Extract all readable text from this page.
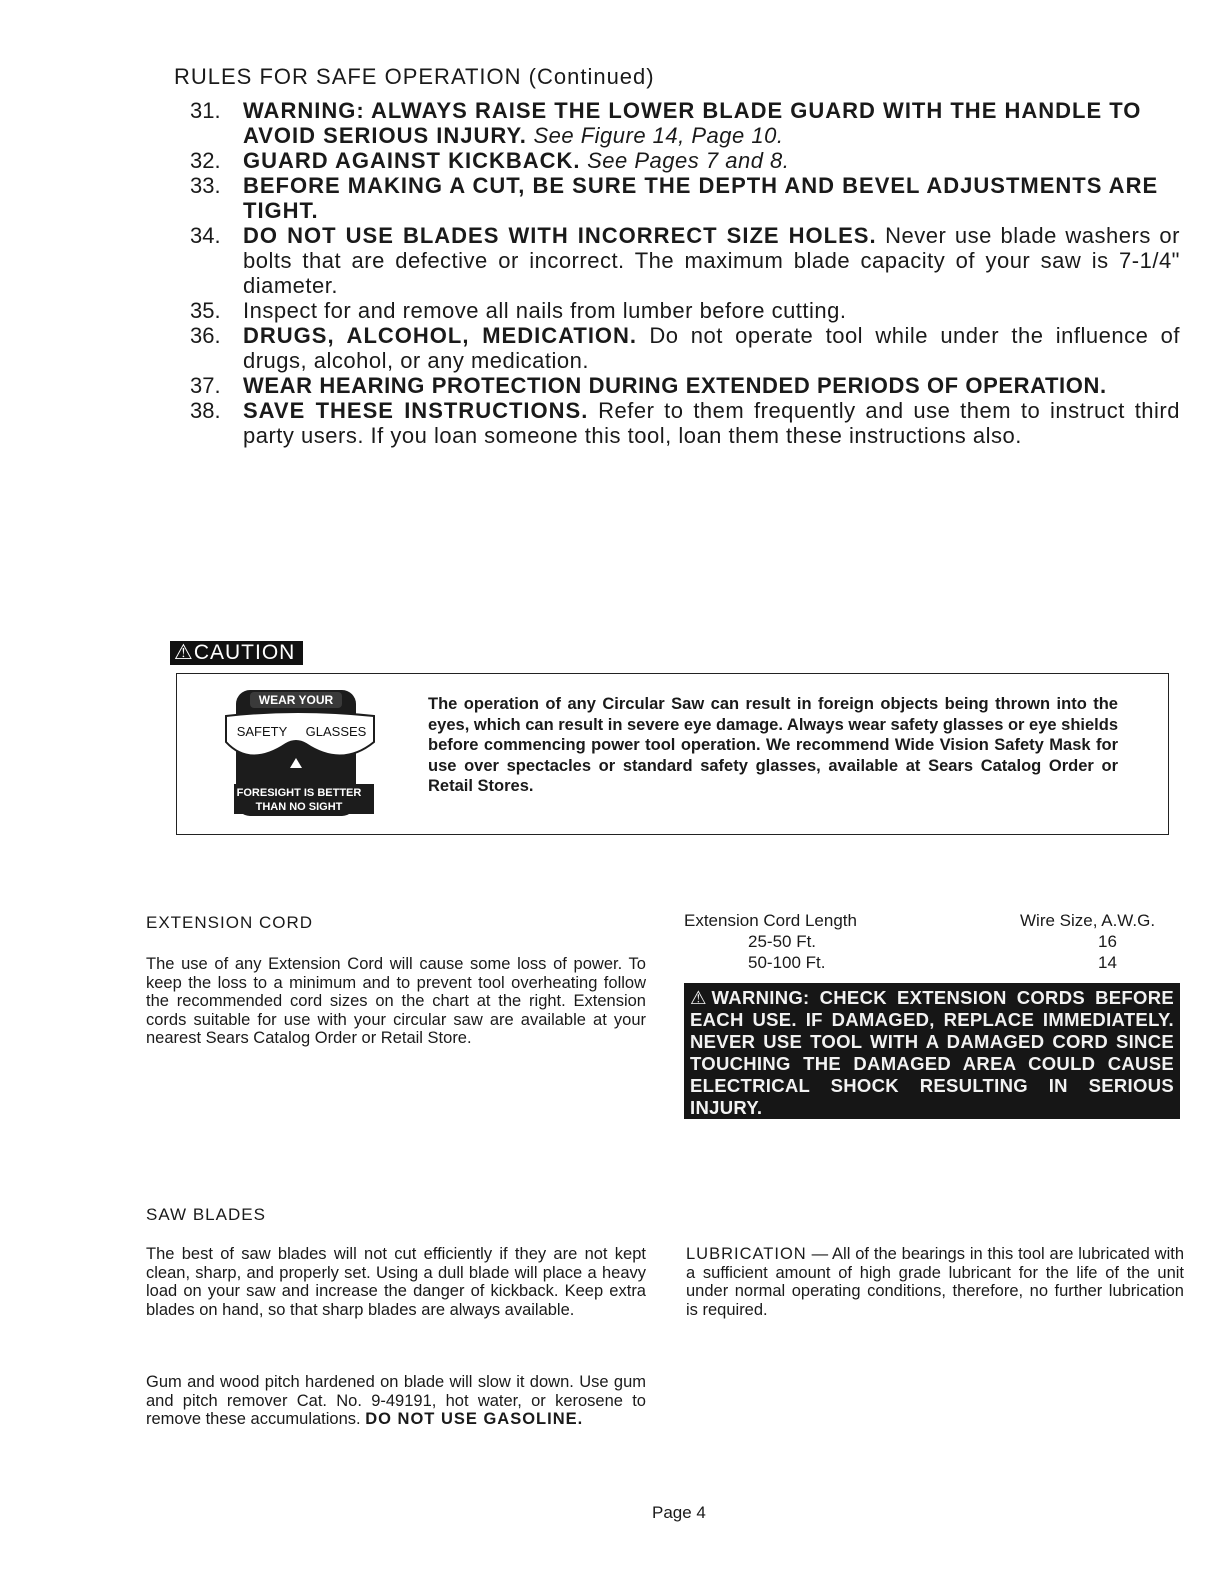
RULES FOR SAFE OPERATION (Continued)
31.	WARNING: ALWAYS RAISE THE LOWER BLADE GUARD WITH THE HANDLE TO AVOID SERIOUS INJURY. See Figure 14, Page 10.
32.	GUARD AGAINST KICKBACK. See Pages 7 and 8.
33.	BEFORE MAKING A CUT, BE SURE THE DEPTH AND BEVEL ADJUSTMENTS ARE TIGHT.
34.	DO NOT USE BLADES WITH INCORRECT SIZE HOLES. Never use blade washers or bolts that are defective or incorrect. The maximum blade capacity of your saw is 7-1/4" diameter.
35.	Inspect for and remove all nails from lumber before cutting.
36.	DRUGS, ALCOHOL, MEDICATION. Do not operate tool while under the influence of drugs, alcohol, or any medication.
37.	WEAR HEARING PROTECTION DURING EXTENDED PERIODS OF OPERATION.
38.	SAVE THESE INSTRUCTIONS. Refer to them frequently and use them to instruct third party users. If you loan someone this tool, loan them these instructions also.
⚠CAUTION
WEAR YOUR
SAFETY GLASSES
FORESIGHT IS BETTER
THAN NO SIGHT
The operation of any Circular Saw can result in foreign objects being thrown into the eyes, which can result in severe eye damage. Always wear safety glasses or eye shields before commencing power tool operation. We recommend Wide Vision Safety Mask for use over spectacles or standard safety glasses, available at Sears Catalog Order or Retail Stores.
EXTENSION CORD
The use of any Extension Cord will cause some loss of power. To keep the loss to a minimum and to prevent tool overheating follow the recommended cord sizes on the chart at the right. Extension cords suitable for use with your circular saw are available at your nearest Sears Catalog Order or Retail Store.
Extension Cord Length	Wire Size, A.W.G.
25-50 Ft.	16
50-100 Ft.	14
⚠WARNING: CHECK EXTENSION CORDS BEFORE EACH USE. IF DAMAGED, REPLACE IMMEDIATELY. NEVER USE TOOL WITH A DAMAGED CORD SINCE TOUCHING THE DAMAGED AREA COULD CAUSE ELECTRICAL SHOCK RESULTING IN SERIOUS INJURY.
SAW BLADES
The best of saw blades will not cut efficiently if they are not kept clean, sharp, and properly set. Using a dull blade will place a heavy load on your saw and increase the danger of kickback. Keep extra blades on hand, so that sharp blades are always available.
Gum and wood pitch hardened on blade will slow it down. Use gum and pitch remover Cat. No. 9-49191, hot water, or kerosene to remove these accumulations. DO NOT USE GASOLINE.
LUBRICATION — All of the bearings in this tool are lubricated with a sufficient amount of high grade lubricant for the life of the unit under normal operating conditions, therefore, no further lubrication is required.
Page 4
